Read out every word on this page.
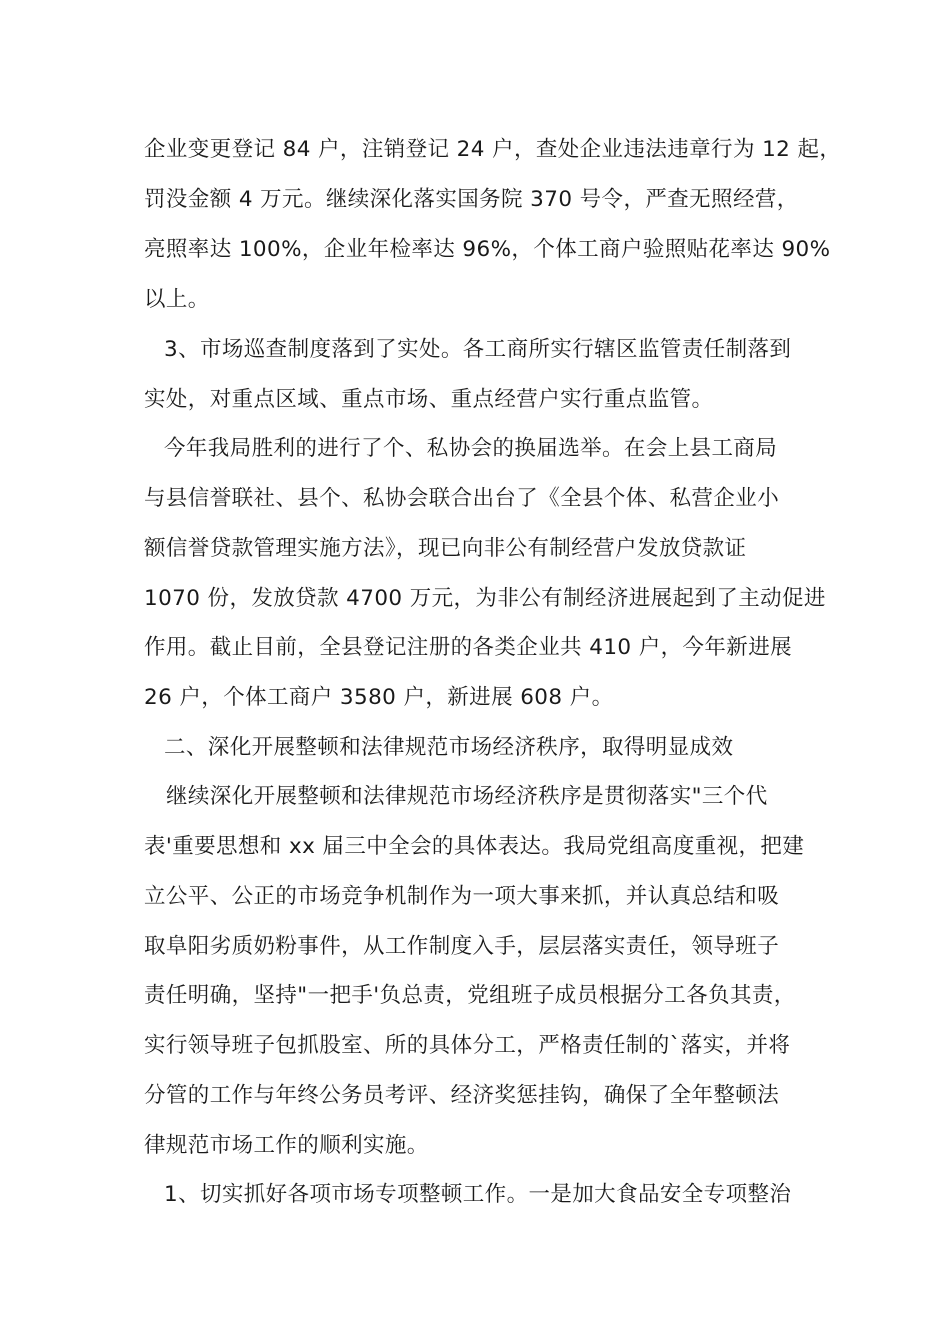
企业变更登记 84 户，注销登记 24 户，查处企业违法违章行为 12 起，
罚没金额 4 万元。继续深化落实国务院 370 号令，严查无照经营，
亮照率达 100%，企业年检率达 96%，个体工商户验照贴花率达 90%
以上。
3、市场巡查制度落到了实处。各工商所实行辖区监管责任制落到
实处，对重点区域、重点市场、重点经营户实行重点监管。
今年我局胜利的进行了个、私协会的换届选举。在会上县工商局
与县信誉联社、县个、私协会联合出台了《全县个体、私营企业小
额信誉贷款管理实施方法》，现已向非公有制经营户发放贷款证
1070 份，发放贷款 4700 万元，为非公有制经济进展起到了主动促进
作用。截止目前，全县登记注册的各类企业共 410 户，今年新进展
26 户，个体工商户 3580 户，新进展 608 户。
二、深化开展整顿和法律规范市场经济秩序，取得明显成效
继续深化开展整顿和法律规范市场经济秩序是贯彻落实"三个代
表'重要思想和 xx 届三中全会的具体表达。我局党组高度重视，把建
立公平、公正的市场竞争机制作为一项大事来抓，并认真总结和吸
取阜阳劣质奶粉事件，从工作制度入手，层层落实责任，领导班子
责任明确，坚持"一把手'负总责，党组班子成员根据分工各负其责，
实行领导班子包抓股室、所的具体分工，严格责任制的`落实，并将
分管的工作与年终公务员考评、经济奖惩挂钩，确保了全年整顿法
律规范市场工作的顺利实施。
1、切实抓好各项市场专项整顿工作。一是加大食品安全专项整治
